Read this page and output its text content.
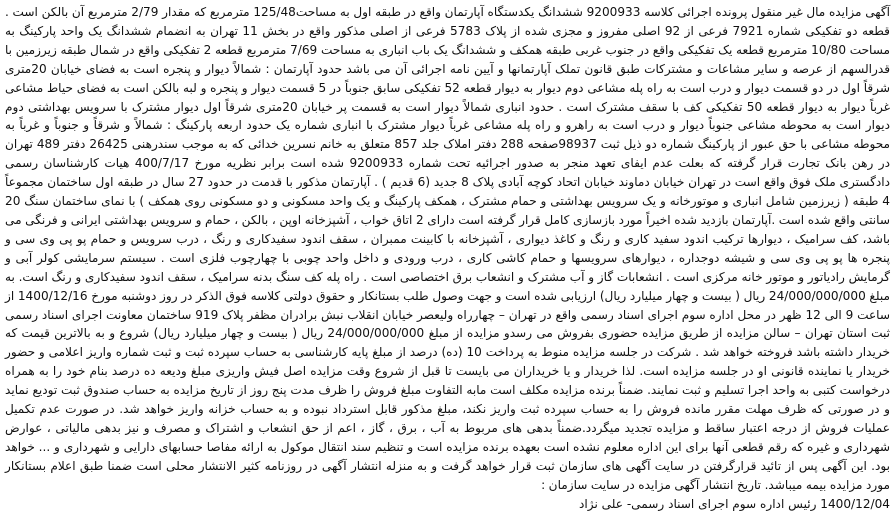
آگهی مزایده مال غیر منقول پرونده اجرائی کلاسه 9200933 ششدانگ یکدستگاه آپارتمان واقع در طبقه اول به مساحت125/48 مترمربع که مقدار 2/79 مترمربع آن بالکن است . قطعه دو تفکیکی شماره 7921 فرعی از 92 اصلی مفروز و مجزی شده از پلاک 5783 فرعی از اصلی مذکور واقع در بخش 11 تهران به انضمام ششدانگ یک واحد پارکینگ به مساحت 10/80 مترمربع قطعه یک تفکیکی واقع در جنوب غربی طبقه همکف و ششدانگ یک باب انباری به مساحت 7/69 مترمربع قطعه 2 تفکیکی واقع در شمال طبقه زیرزمین با قدرالسهم از عرصه و سایر مشاعات و مشترکات طبق قانون تملک آپارتمانها و آیین نامه اجرائی آن می باشد حدود آپارتمان : شمالاً دیوار و پنجره است به فضای خیابان 20متری شرقاً اول در دو قسمت دیوار و درب است به راه پله مشاعی دوم دیوار به دیوار قطعه 52 تفکیکی سابق جنوباً در 5 قسمت دیوار و پنجره و لبه بالکن است به فضای حیاط مشاعی غرباً دیوار به دیوار قطعه 50 تفکیکی کف با سقف مشترک است . حدود انباری شمالاً دیوار است به قسمت پر خیابان 20متری شرقاً اول دیوار مشترک با سرویس بهداشتی دوم دیوار است به محوطه مشاعی جنوباً دیوار و درب است به راهرو و راه پله مشاعی غرباً دیوار مشترک با انباری شماره یک حدود اربعه پارکینگ : شمالاً و شرقاً و جنوباً و غرباً به محوطه مشاعی با حق عبور از پارکینگ شماره دو ذیل ثبت 98937صفحه 288 دفتر املاک جلد 857 متعلق به خانم نسرین خدائی که به موجب سندرهنی 26425 دفتر 489 تهران در رهن بانک تجارت قرار گرفته که بعلت عدم ایفای تعهد منجر به صدور اجرائیه تحت شماره 9200933 شده است برابر نظریه مورخ 400/7/17 هیات کارشناسان رسمی دادگستری ملک فوق واقع است در تهران خیابان دماوند خیابان اتحاد کوچه آبادی پلاک 8 جدید (6 قدیم ) . آپارتمان مذکور با قدمت در حدود 27 سال در طبقه اول ساختمان مجموعاً 4 طبقه ( زیرزمین شامل انباری و موتورخانه و یک سرویس بهداشتی و حمام مشترک ، همکف پارکینگ و یک واحد مسکونی و دو مسکونی روی همکف ) با نمای ساختمان سنگ 20 سانتی واقع شده است .آپارتمان بازدید شده اخیراً مورد بازسازی کامل قرار گرفته است دارای 2 اتاق خواب ، آشپزخانه اوپن ، بالکن ، حمام و سرویس بهداشتی ایرانی و فرنگی می باشد، کف سرامیک ، دیوارها ترکیب اندود سفید کاری و رنگ و کاغذ دیواری ، آشپزخانه با کابینت ممبران ، سقف اندود سفیدکاری و رنگ ، درب سرویس و حمام پو پی وی سی و پنجره ها پو پی وی سی و شیشه دوجداره ، دیوارهای سرویسها و حمام کاشی کاری ، درب ورودی و داخل واحد چوبی با چهارچوب فلزی است . سیستم سرمایشی کولر آبی و گرمایش رادیاتور و موتور خانه مرکزی است . انشعابات گاز و آب مشترک و انشعاب برق اختصاصی است . راه پله کف سنگ بدنه سرامیک ، سقف اندود سفیدکاری و رنگ است. به مبلغ 24/000/000/000 ریال ( بیست و چهار میلیارد ریال) ارزیابی شده است و جهت وصول طلب بستانکار و حقوق دولتی کلاسه فوق الذکر در روز دوشنبه مورخ 1400/12/16 از ساعت 9 الی 12 ظهر در محل اداره سوم اجرای اسناد رسمی واقع در تهران – چهارراه ولیعصر خیابان انقلاب نبش برادران مظفر پلاک 919 ساختمان معاونت اجرای اسناد رسمی ثبت استان تهران – سالن مزایده از طریق مزایده حضوری بفروش می رسدو مزایده از مبلغ 24/000/000/000 ریال ( بیست و چهار میلیارد ریال) شروع و به بالاترین قیمت که خریدار داشته باشد فروخته خواهد شد . شرکت در جلسه مزایده منوط به پرداخت 10 (ده) درصد از مبلغ پایه کارشناسی به حساب سپرده ثبت و ثبت شماره واریز اعلامی و حضور خریدار یا نماینده قانونی او در جلسه مزایده است. لذا خریدار و یا خریداران می بایست تا قبل از شروع وقت مزایده اصل فیش واریزی مبلغ ودیعه ده درصد بنام خود را به همراه درخواست کتبی به واحد اجرا تسلیم و ثبت نمایند. ضمناً برنده مزایده مکلف است مابه التفاوت مبلغ فروش را ظرف مدت پنج روز از تاریخ مزایده به حساب صندوق ثبت تودیع نماید و در صورتی که ظرف مهلت مقرر مانده فروش را به حساب سپرده ثبت واریز نکند، مبلغ مذکور قابل استرداد نبوده و به حساب خزانه واریز خواهد شد. در صورت عدم تکمیل عملیات فروش از درجه اعتبار ساقط و مزایده تجدید میگردد.ضمناً بدهی های مربوط به آب ، برق ، گاز ، اعم از حق انشعاب و اشتراک و مصرف و نیز بدهی مالیاتی ، عوارض شهرداری و غیره که رقم قطعی آنها برای این اداره معلوم نشده است بعهده برنده مزایده است و تنظیم سند انتقال موکول به ارائه مفاصا حسابهای دارایی و شهرداری و ... خواهد بود. این آگهی پس از تائید قرارگرفتن در سایت آگهی های سازمان ثبت قرار خواهد گرفت و به منزله انتشار آگهی در روزنامه کثیر الانتشار محلی است ضمنا طبق اعلام بستانکار مورد مزایده بیمه میباشد. تاریخ انتشار آگهی مزایده در سایت سازمان :

1400/12/04 رئیس اداره سوم اجرای اسناد رسمی- علی نژاد
